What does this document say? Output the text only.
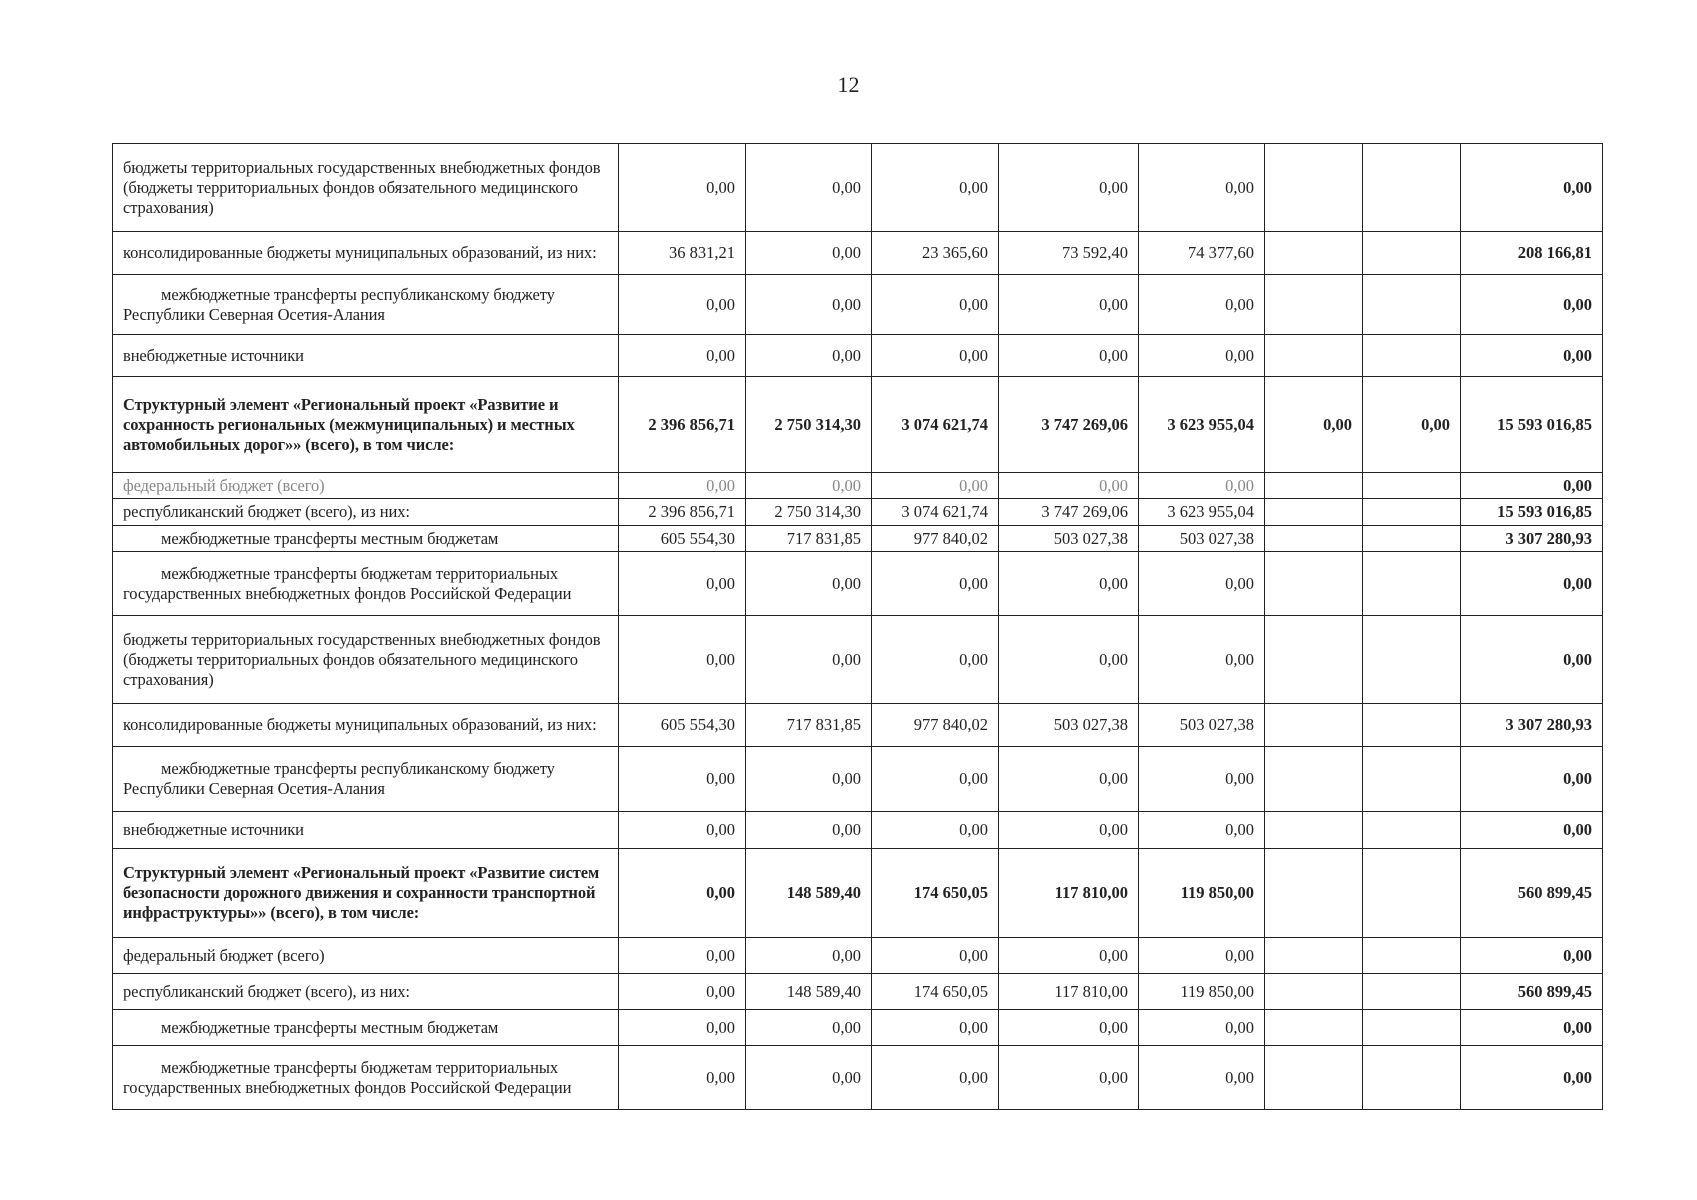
12
бюджеты территориальных государственных внебюджетных фондов (бюджеты территориальных фондов обязательного медицинского страхования)	0,00	0,00	0,00	0,00	0,00			0,00
консолидированные бюджеты муниципальных образований, из них:	36 831,21	0,00	23 365,60	73 592,40	74 377,60			208 166,81
межбюджетные трансферты республиканскому бюджету Республики Северная Осетия-Алания	0,00	0,00	0,00	0,00	0,00			0,00
внебюджетные источники	0,00	0,00	0,00	0,00	0,00			0,00
Структурный элемент «Региональный проект «Развитие и сохранность региональных (межмуниципальных) и местных автомобильных дорог»» (всего), в том числе:	2 396 856,71	2 750 314,30	3 074 621,74	3 747 269,06	3 623 955,04	0,00	0,00	15 593 016,85
федеральный бюджет (всего)	0,00	0,00	0,00	0,00	0,00			0,00
республиканский бюджет (всего), из них:	2 396 856,71	2 750 314,30	3 074 621,74	3 747 269,06	3 623 955,04			15 593 016,85
межбюджетные трансферты местным бюджетам	605 554,30	717 831,85	977 840,02	503 027,38	503 027,38			3 307 280,93
межбюджетные трансферты бюджетам территориальных государственных внебюджетных фондов Российской Федерации	0,00	0,00	0,00	0,00	0,00			0,00
бюджеты территориальных государственных внебюджетных фондов (бюджеты территориальных фондов обязательного медицинского страхования)	0,00	0,00	0,00	0,00	0,00			0,00
консолидированные бюджеты муниципальных образований, из них:	605 554,30	717 831,85	977 840,02	503 027,38	503 027,38			3 307 280,93
межбюджетные трансферты республиканскому бюджету Республики Северная Осетия-Алания	0,00	0,00	0,00	0,00	0,00			0,00
внебюджетные источники	0,00	0,00	0,00	0,00	0,00			0,00
Структурный элемент «Региональный проект «Развитие систем безопасности дорожного движения и сохранности транспортной инфраструктуры»» (всего), в том числе:	0,00	148 589,40	174 650,05	117 810,00	119 850,00			560 899,45
федеральный бюджет (всего)	0,00	0,00	0,00	0,00	0,00			0,00
республиканский бюджет (всего), из них:	0,00	148 589,40	174 650,05	117 810,00	119 850,00			560 899,45
межбюджетные трансферты местным бюджетам	0,00	0,00	0,00	0,00	0,00			0,00
межбюджетные трансферты бюджетам территориальных государственных внебюджетных фондов Российской Федерации	0,00	0,00	0,00	0,00	0,00			0,00
